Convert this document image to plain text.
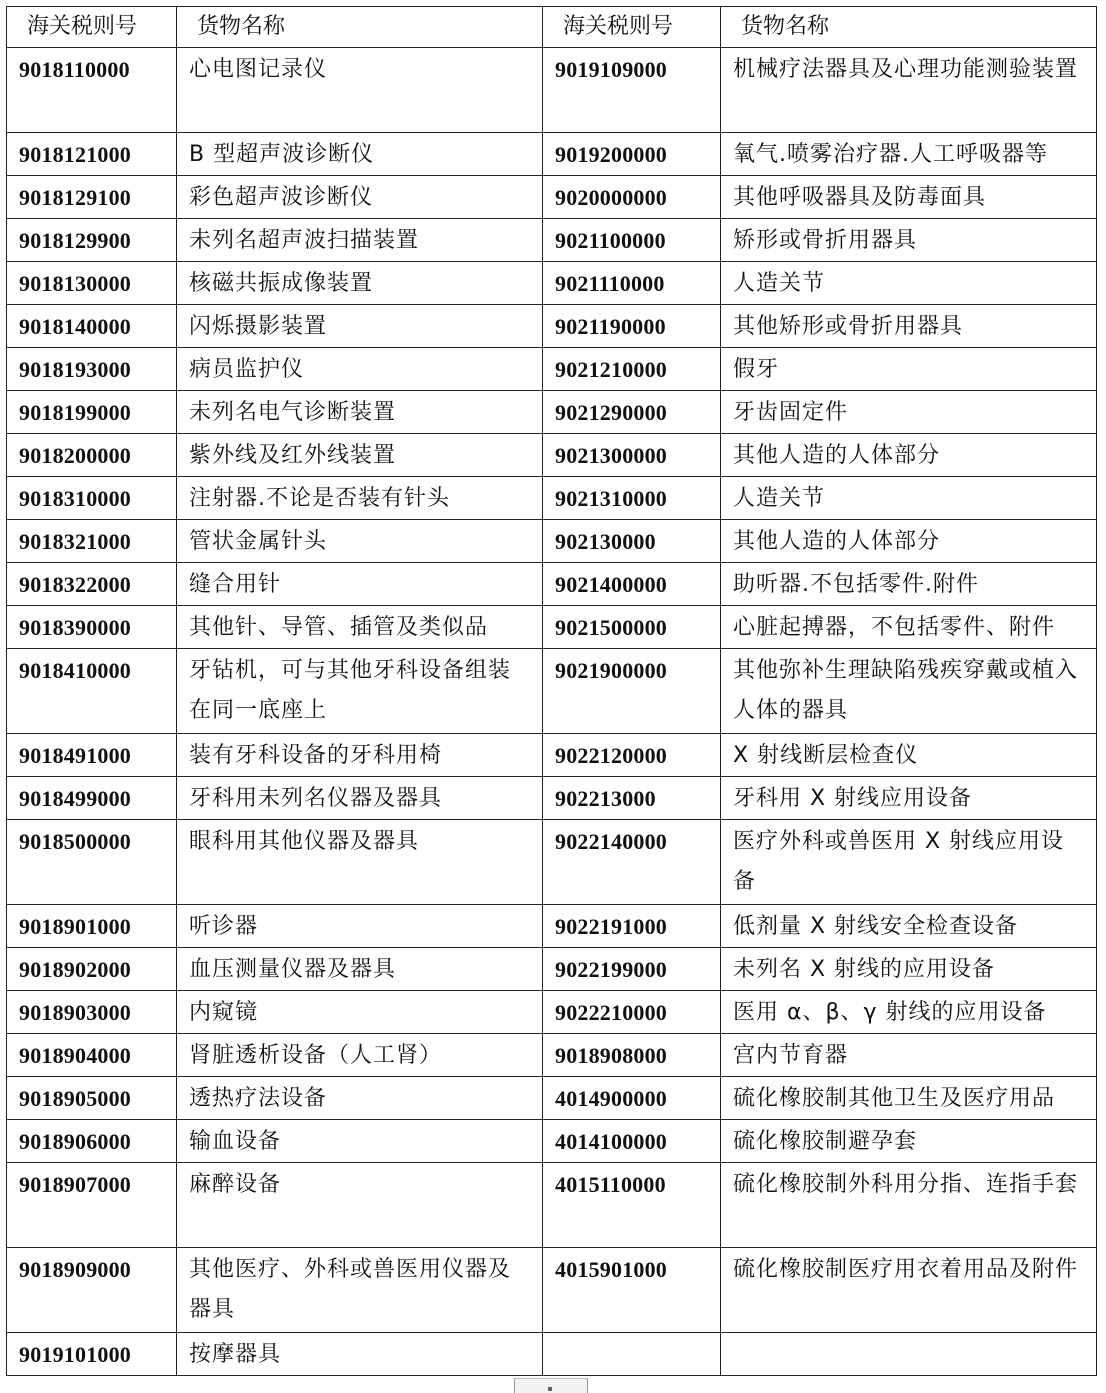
海关税则号	货物名称	海关税则号	货物名称
9018110000	心电图记录仪	9019109000	机械疗法器具及心理功能测验装置
9018121000	B 型超声波诊断仪	9019200000	氧气.喷雾治疗器.人工呼吸器等
9018129100	彩色超声波诊断仪	9020000000	其他呼吸器具及防毒面具
9018129900	未列名超声波扫描装置	9021100000	矫形或骨折用器具
9018130000	核磁共振成像装置	9021110000	人造关节
9018140000	闪烁摄影装置	9021190000	其他矫形或骨折用器具
9018193000	病员监护仪	9021210000	假牙
9018199000	未列名电气诊断装置	9021290000	牙齿固定件
9018200000	紫外线及红外线装置	9021300000	其他人造的人体部分
9018310000	注射器.不论是否装有针头	9021310000	人造关节
9018321000	管状金属针头	902130000	其他人造的人体部分
9018322000	缝合用针	9021400000	助听器.不包括零件.附件
9018390000	其他针、导管、插管及类似品	9021500000	心脏起搏器，不包括零件、附件
9018410000	牙钻机，可与其他牙科设备组装在同一底座上	9021900000	其他弥补生理缺陷残疾穿戴或植入人体的器具
9018491000	装有牙科设备的牙科用椅	9022120000	X 射线断层检查仪
9018499000	牙科用未列名仪器及器具	902213000	牙科用 X 射线应用设备
9018500000	眼科用其他仪器及器具	9022140000	医疗外科或兽医用 X 射线应用设备
9018901000	听诊器	9022191000	低剂量 X 射线安全检查设备
9018902000	血压测量仪器及器具	9022199000	未列名 X 射线的应用设备
9018903000	内窥镜	9022210000	医用 α、β、γ 射线的应用设备
9018904000	肾脏透析设备（人工肾）	9018908000	宫内节育器
9018905000	透热疗法设备	4014900000	硫化橡胶制其他卫生及医疗用品
9018906000	输血设备	4014100000	硫化橡胶制避孕套
9018907000	麻醉设备	4015110000	硫化橡胶制外科用分指、连指手套
9018909000	其他医疗、外科或兽医用仪器及器具	4015901000	硫化橡胶制医疗用衣着用品及附件
9019101000	按摩器具		
